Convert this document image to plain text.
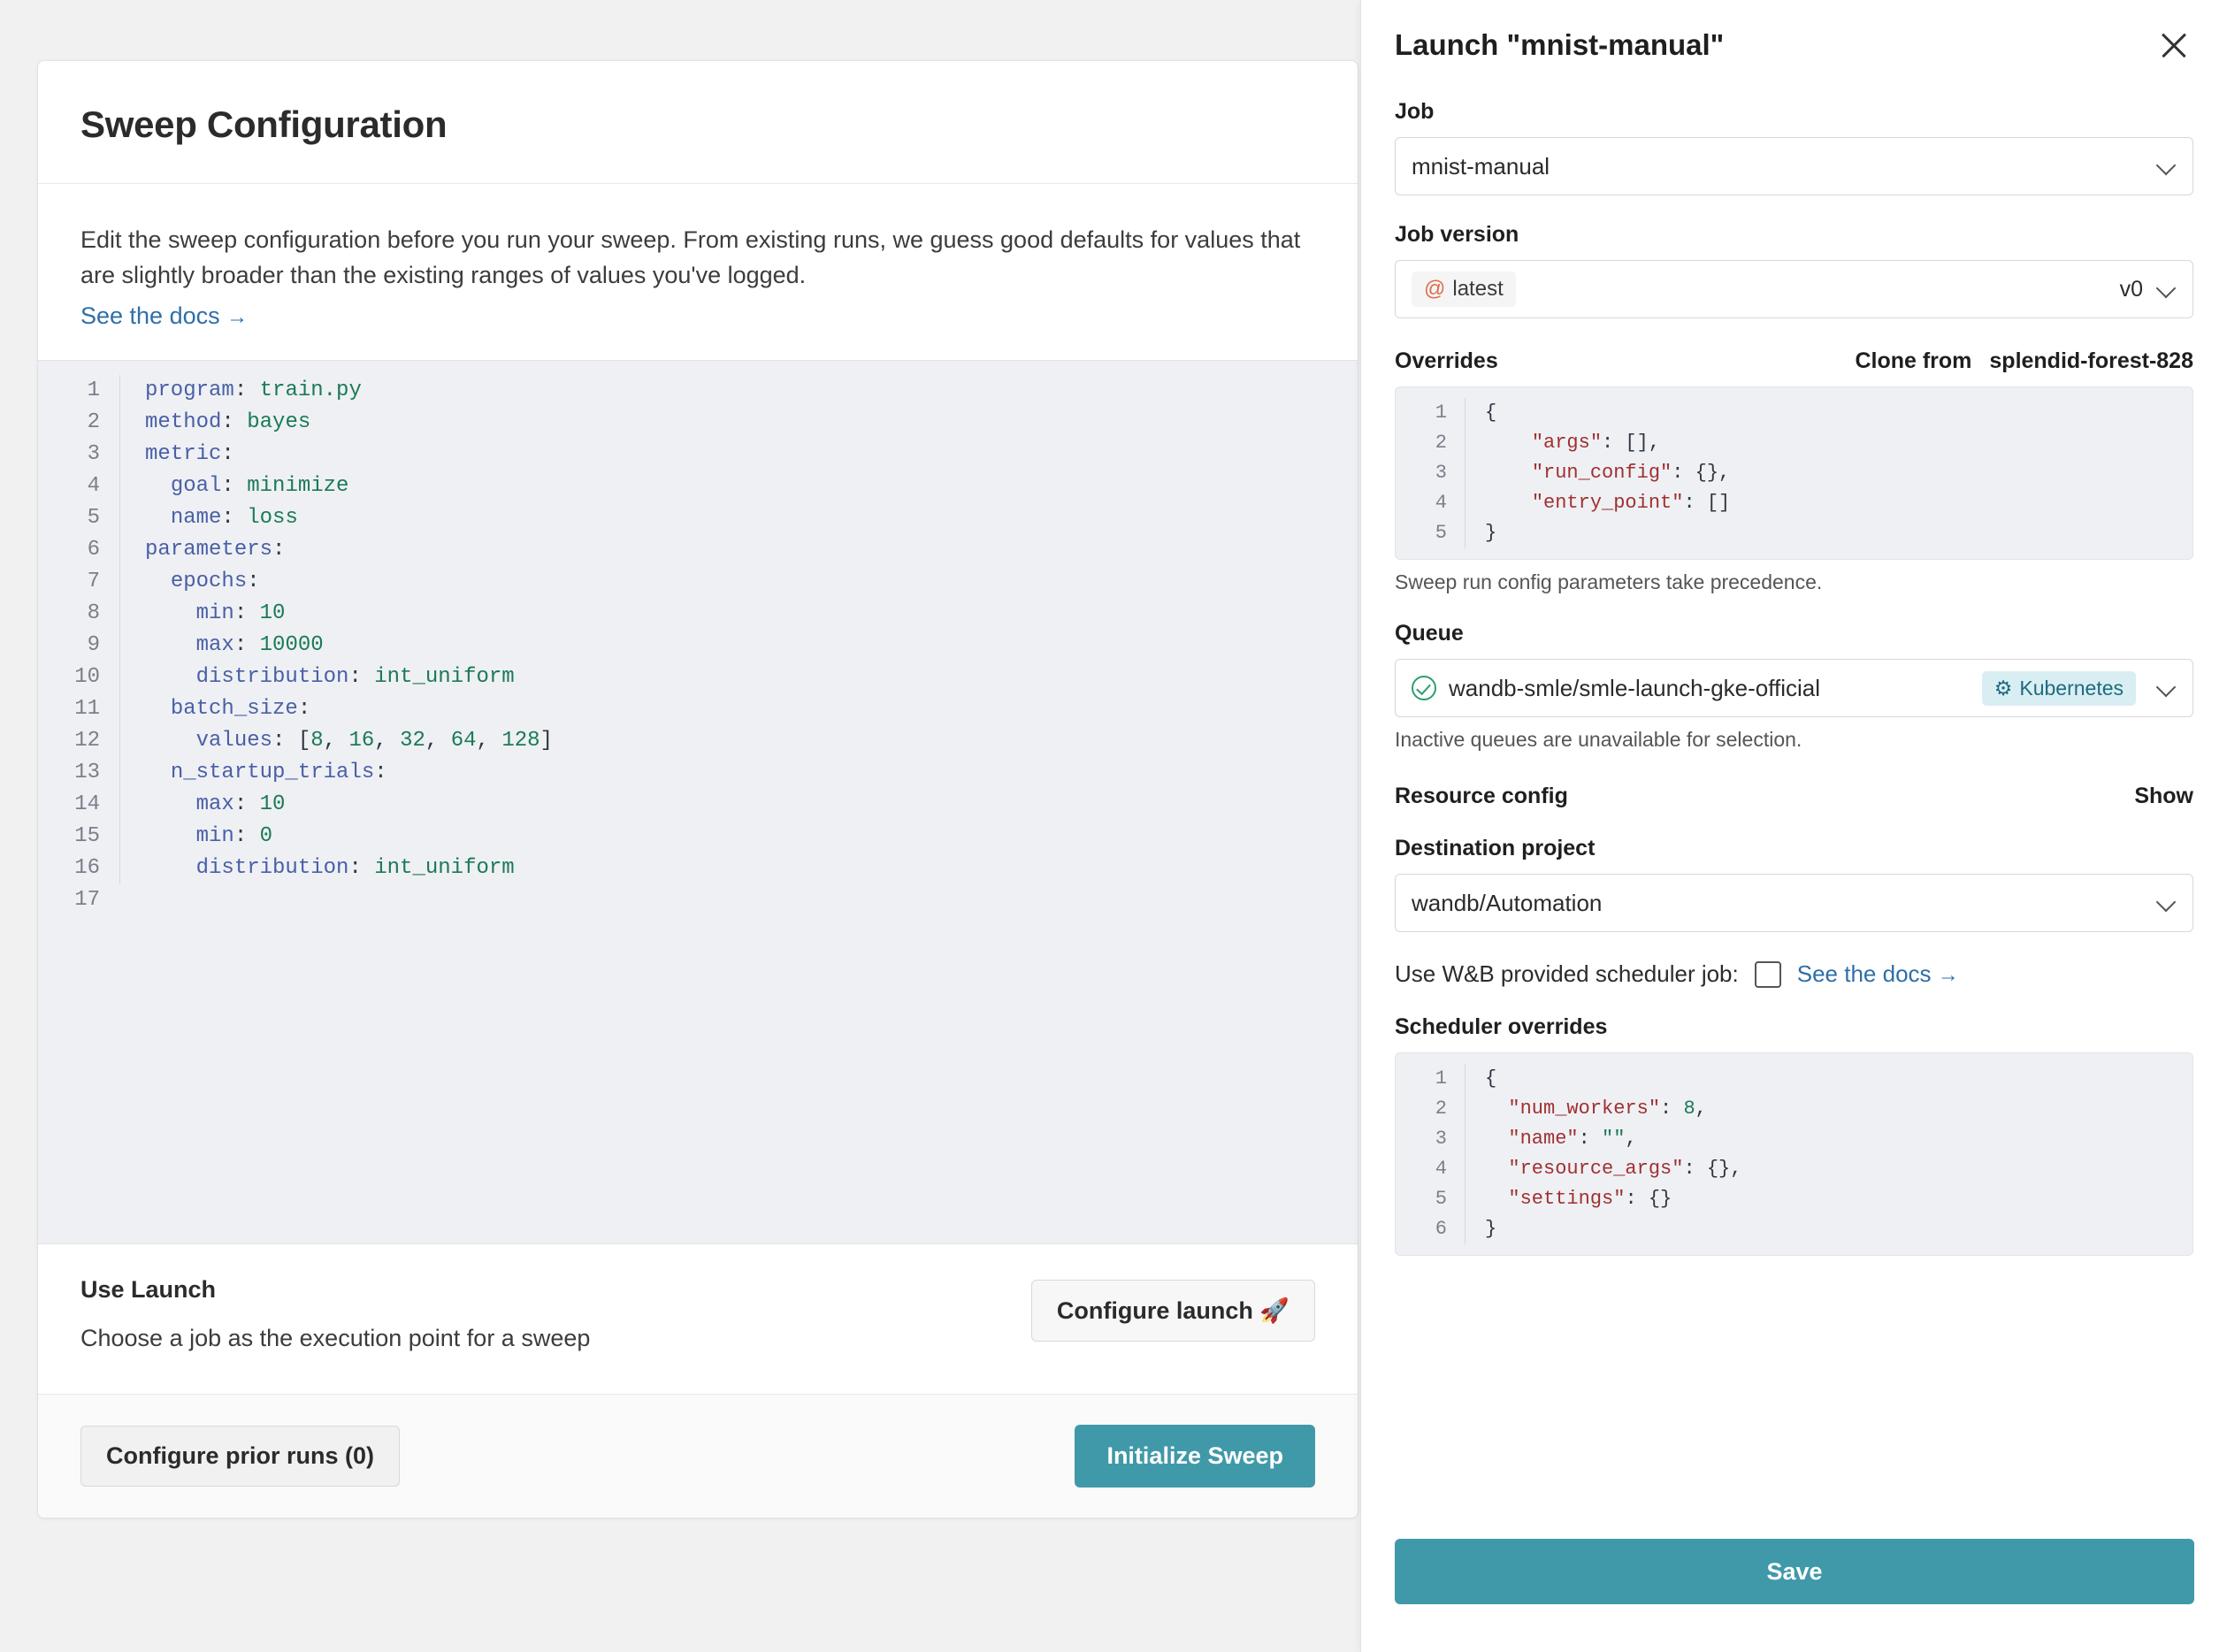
Sweep Configuration
Edit the sweep configuration before you run your sweep. From existing runs, we guess good defaults for values that are slightly broader than the existing ranges of values you've logged.
See the docs →
1	program: train.py
2	method: bayes
3	metric:
4	goal: minimize
5	name: loss
6	parameters:
7	epochs:
8	min: 10
9	max: 10000
10	distribution: int_uniform
11	batch_size:
12	values: [8, 16, 32, 64, 128]
13	n_startup_trials:
14	max: 10
15	min: 0
16	distribution: int_uniform
17
Use Launch
Choose a job as the execution point for a sweep
Configure launch 🚀
Configure prior runs (0)	Initialize Sweep
Launch "mnist-manual"
Job
mnist-manual
Job version
@ latest	v0
Overrides	Clone from splendid-forest-828
1	{
2	"args": [],
3	"run_config": {},
4	"entry_point": []
5	}
Sweep run config parameters take precedence.
Queue
wandb-smle/smle-launch-gke-official	⚙ Kubernetes
Inactive queues are unavailable for selection.
Resource config	Show
Destination project
wandb/Automation
Use W&B provided scheduler job:	See the docs →
Scheduler overrides
1	{
2	"num_workers": 8,
3	"name": "",
4	"resource_args": {},
5	"settings": {}
6	}
Save
